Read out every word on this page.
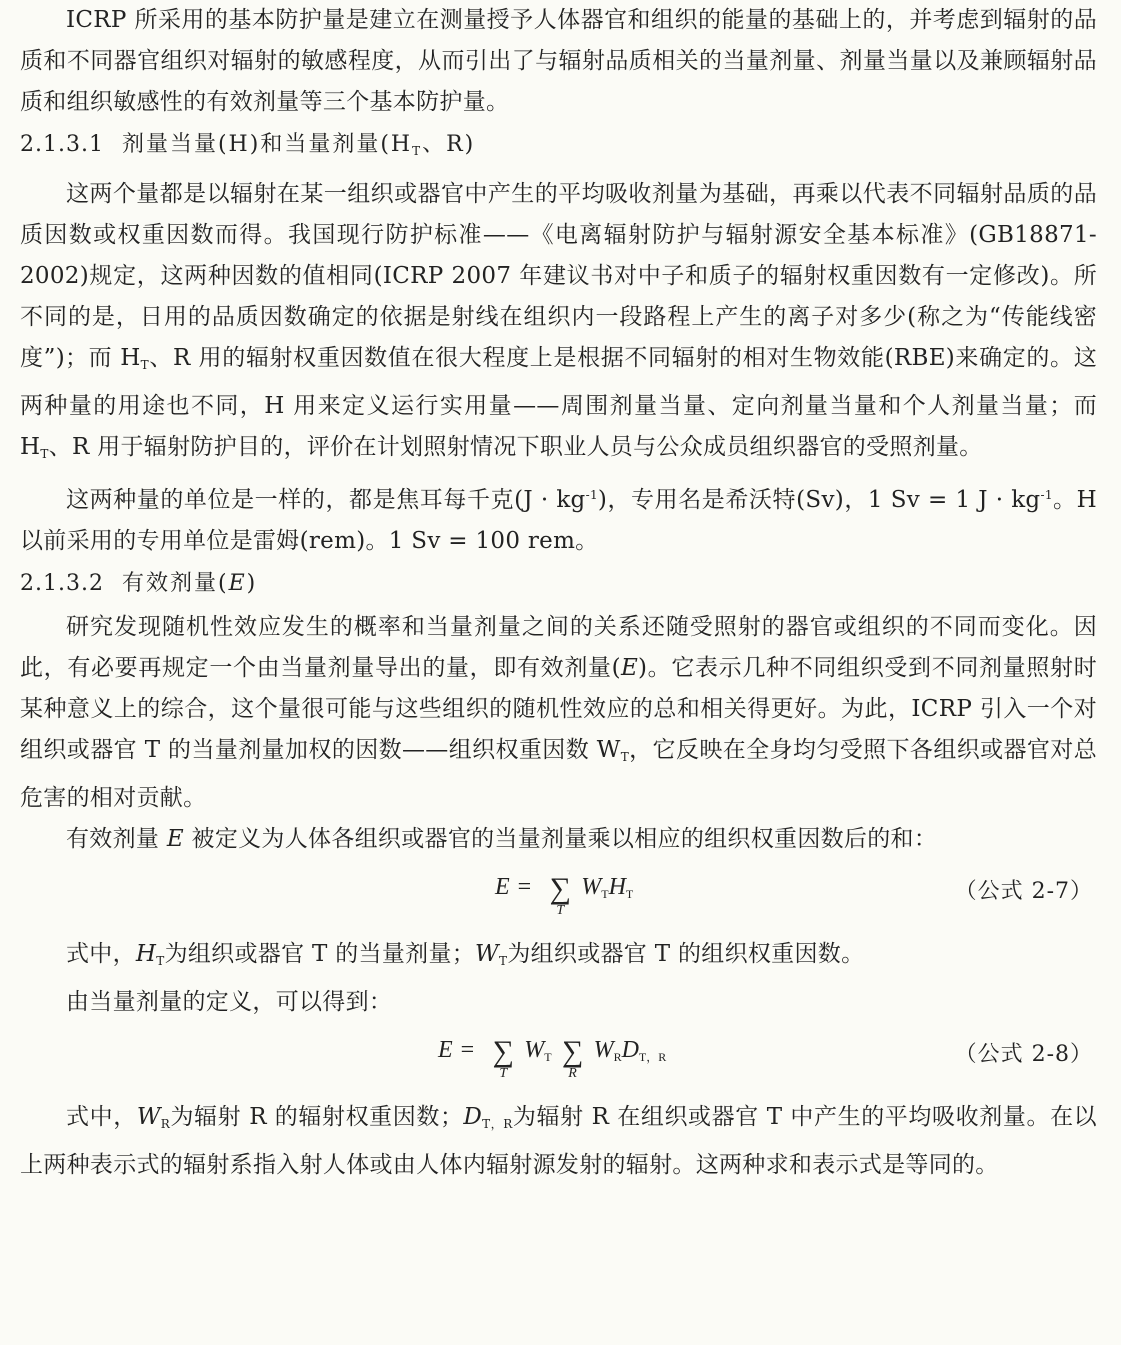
ICRP 所采用的基本防护量是建立在测量授予人体器官和组织的能量的基础上的，并考虑到辐射的品质和不同器官组织对辐射的敏感程度，从而引出了与辐射品质相关的当量剂量、剂量当量以及兼顾辐射品质和组织敏感性的有效剂量等三个基本防护量。

2.1.3.1 剂量当量(H)和当量剂量($H_T$、R)

这两个量都是以辐射在某一组织或器官中产生的平均吸收剂量为基础，再乘以代表不同辐射品质的品质因数或权重因数而得。我国现行防护标准——《电离辐射防护与辐射源安全基本标准》(GB18871-2002)规定，这两种因数的值相同(ICRP 2007 年建议书对中子和质子的辐射权重因数有一定修改)。所不同的是，日用的品质因数确定的依据是射线在组织内一段路程上产生的离子对多少(称之为“传能线密度”)；而 $H_T$、R 用的辐射权重因数值在很大程度上是根据不同辐射的相对生物效能(RBE)来确定的。这两种量的用途也不同，H 用来定义运行实用量——周围剂量当量、定向剂量当量和个人剂量当量；而 $H_T$、R 用于辐射防护目的，评价在计划照射情况下职业人员与公众成员组织器官的受照剂量。

这两种量的单位是一样的，都是焦耳每千克$(J \cdot kg^{-1})$，专用名是希沃特(Sv)，1 Sv = 1 $J \cdot kg^{-1}$。H 以前采用的专用单位是雷姆(rem)。1 Sv = 100 rem。

2.1.3.2 有效剂量(E)

研究发现随机性效应发生的概率和当量剂量之间的关系还随受照射的器官或组织的不同而变化。因此，有必要再规定一个由当量剂量导出的量，即有效剂量(E)。它表示几种不同组织受到不同剂量照射时某种意义上的综合，这个量很可能与这些组织的随机性效应的总和相关得更好。为此，ICRP 引入一个对组织或器官 T 的当量剂量加权的因数——组织权重因数 $W_T$，它反映在全身均匀受照下各组织或器官对总危害的相对贡献。

有效剂量 E 被定义为人体各组织或器官的当量剂量乘以相应的组织权重因数后的和：

E = ∑
T
$W_TH_T$	（公式 2-7）

式中，$H_T$为组织或器官 T 的当量剂量；$W_T$为组织或器官 T 的组织权重因数。

由当量剂量的定义，可以得到：

E = ∑
T
$W_T$ ∑
R
$W_RD_{T,R}$	（公式 2-8）

式中，$W_R$为辐射 R 的辐射权重因数；$D_{T,R}$为辐射 R 在组织或器官 T 中产生的平均吸收剂量。在以上两种表示式的辐射系指入射人体或由人体内辐射源发射的辐射。这两种求和表示式是等同的。
